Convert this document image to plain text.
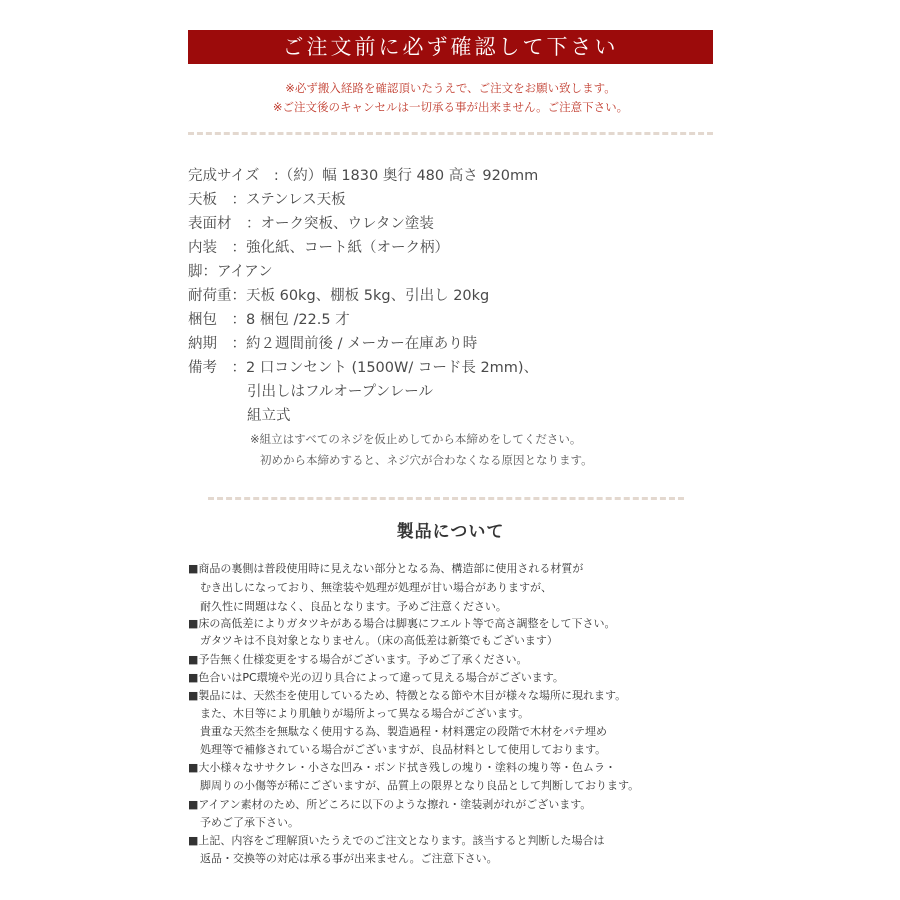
ご注文前に必ず確認して下さい
※必ず搬入経路を確認頂いたうえで、ご注文をお願い致します。
※ご注文後のキャンセルは一切承る事が出来ません。ご注意下さい。
完成サイズ　:（約）幅 1830 奥行 480 高さ 920mm
天板　：ステンレス天板
表面材　：オーク突板、ウレタン塗装
内装　：強化紙、コート紙（オーク柄）
脚：アイアン
耐荷重：天板 60kg、棚板 5kg、引出し 20kg
梱包　：8 梱包 /22.5 才
納期　：約２週間前後 / メーカー在庫あり時
備考　：2 口コンセント (1500W/ コード長 2mm)、
引出しはフルオープンレール
組立式
※組立はすべてのネジを仮止めしてから本締めをしてください。
初めから本締めすると、ネジ穴が合わなくなる原因となります。
製品について
■商品の裏側は普段使用時に見えない部分となる為、構造部に使用される材質が
むき出しになっており、無塗装や処理が処理が甘い場合がありますが、
耐久性に問題はなく、良品となります。予めご注意ください。
■床の高低差によりガタツキがある場合は脚裏にフエルト等で高さ調整をして下さい。
ガタツキは不良対象となりません。（床の高低差は新築でもございます）
■予告無く仕様変更をする場合がございます。予めご了承ください。
■色合いはPC環境や光の辺り具合によって違って見える場合がございます。
■製品には、天然杢を使用しているため、特徴となる節や木目が様々な場所に現れます。
また、木目等により肌触りが場所よって異なる場合がございます。
貴重な天然杢を無駄なく使用する為、製造過程・材料選定の段階で木材をパテ埋め
処理等で補修されている場合がございますが、良品材料として使用しております。
■大小様々なササクレ・小さな凹み・ボンド拭き残しの塊り・塗料の塊り等・色ムラ・
脚周りの小傷等が稀にございますが、品質上の限界となり良品として判断しております。
■アイアン素材のため、所どころに以下のような擦れ・塗装剥がれがございます。
予めご了承下さい。
■上記、内容をご理解頂いたうえでのご注文となります。該当すると判断した場合は
返品・交換等の対応は承る事が出来ません。ご注意下さい。
